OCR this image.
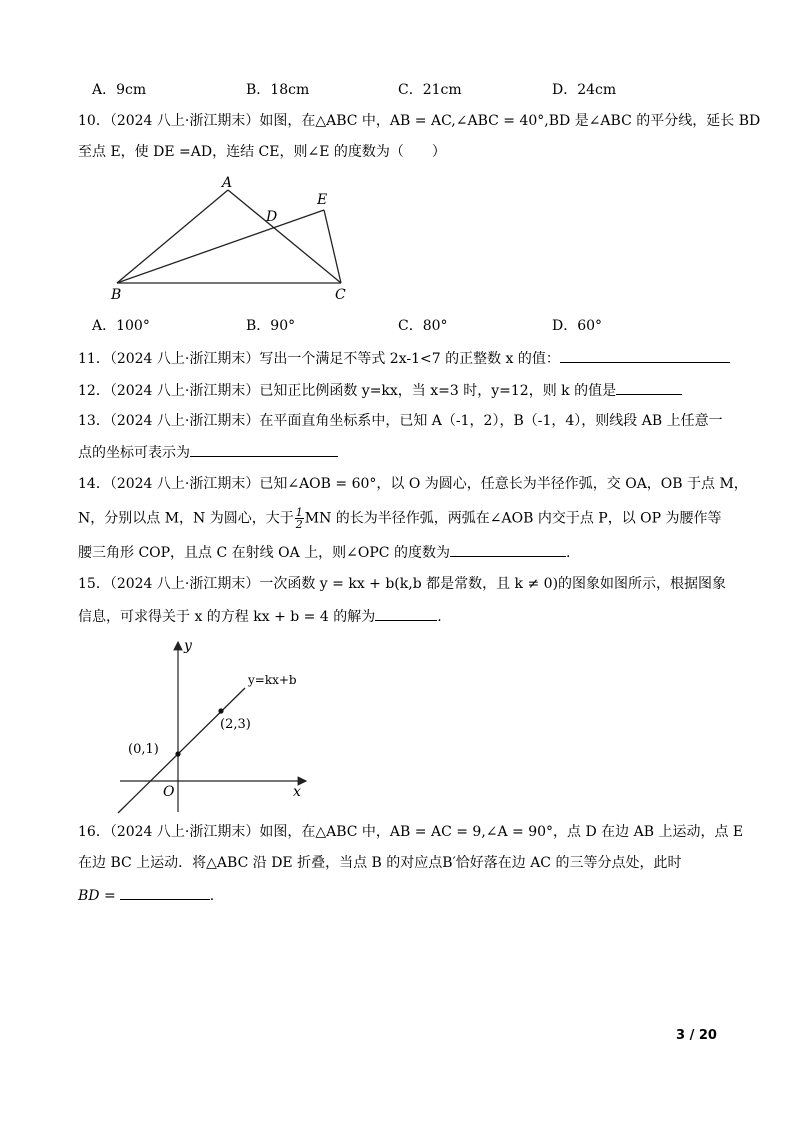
A．9cm	B．18cm	C．21cm	D．24cm
10．（2024 八上·浙江期末）如图，在△ABC 中，AB = AC,∠ABC = 40°,BD 是∠ABC 的平分线，延长 BD
至点 E，使 DE =AD，连结 CE，则∠E 的度数为（　　）
A
D
E
B	C
A．100°	B．90°	C．80°	D．60°
11．（2024 八上·浙江期末）写出一个满足不等式 2x-1<7 的正整数 x 的值：
12．（2024 八上·浙江期末）已知正比例函数 y=kx，当 x=3 时，y=12，则 k 的值是
13．（2024 八上·浙江期末）在平面直角坐标系中，已知 A（-1，2），B（-1，4），则线段 AB 上任意一
点的坐标可表示为
14．（2024 八上·浙江期末）已知∠AOB = 60°，以 O 为圆心，任意长为半径作弧，交 OA，OB 于点 M，
N，分别以点 M，N 为圆心，大于 $\frac{1}{2}$ MN 的长为半径作弧，两弧在∠AOB 内交于点 P，以 OP 为腰作等
腰三角形 COP，且点 C 在射线 OA 上，则∠OPC 的度数为	.
15．（2024 八上·浙江期末）一次函数 y = kx + b(k,b 都是常数，且 k ≠ 0)的图象如图所示，根据图象
信息，可求得关于 x 的方程 kx + b = 4 的解为	.
x
y
O
y=kx+b
(0,1)
(2,3)
16．（2024 八上·浙江期末）如图，在△ABC 中，AB = AC = 9,∠A = 90°，点 D 在边 AB 上运动，点 E
在边 BC 上运动．将△ABC 沿 DE 折叠，当点 B 的对应点B′恰好落在边 AC 的三等分点处，此时
BD =	.
3 / 20
